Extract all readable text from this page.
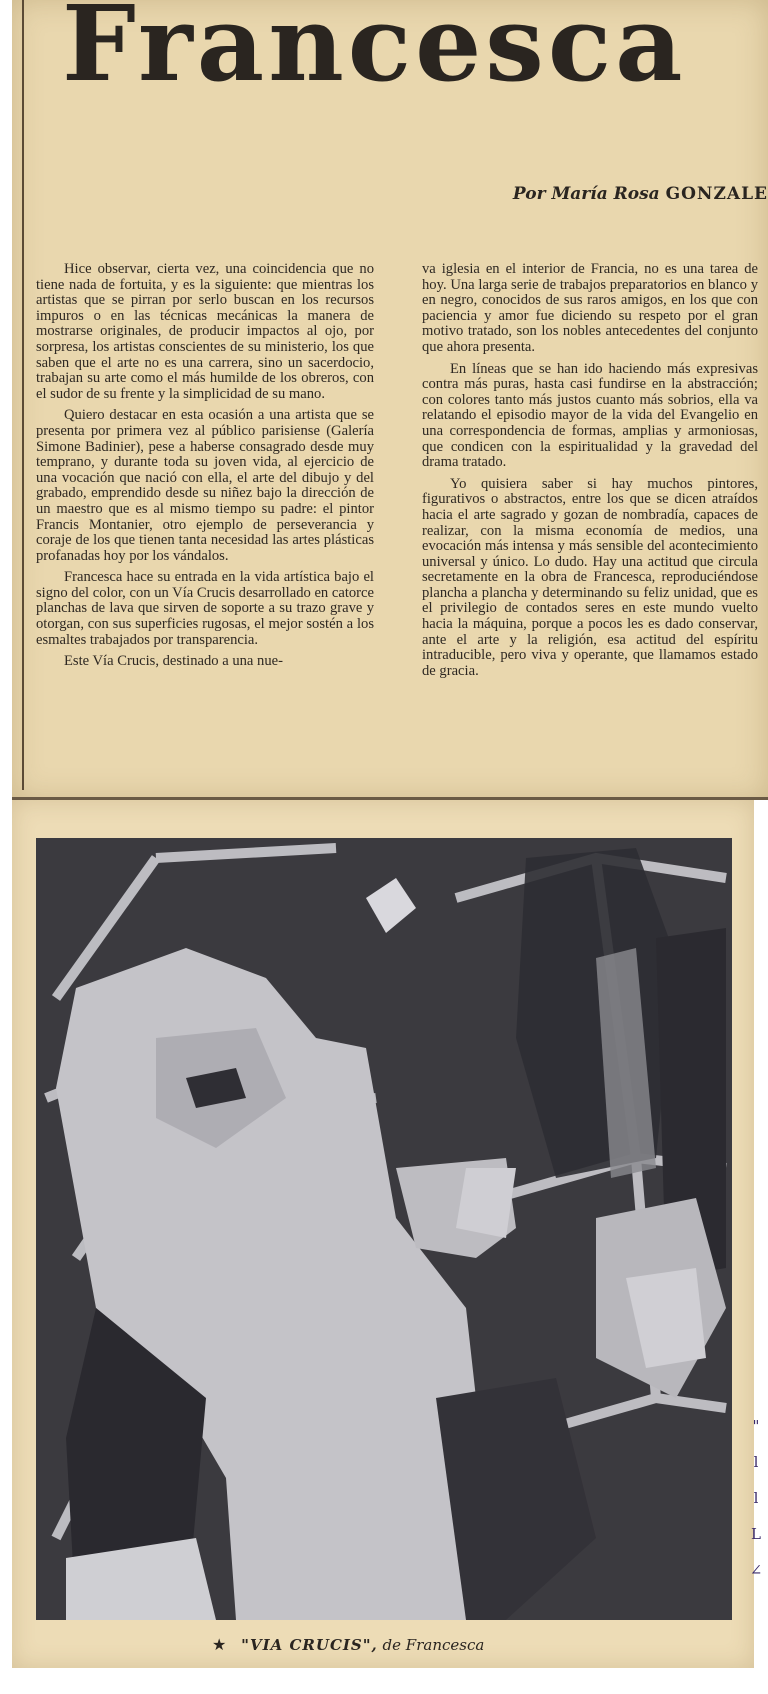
Francesca
Por María Rosa GONZALE

Hice observar, cierta vez, una coincidencia que no tiene nada de fortuita, y es la siguiente: que mientras los artistas que se pirran por serlo buscan en los recursos impuros o en las técnicas mecánicas la manera de mostrarse originales, de producir impactos al ojo, por sorpresa, los artistas conscientes de su ministerio, los que saben que el arte no es una carrera, sino un sacerdocio, trabajan su arte como el más humilde de los obreros, con el sudor de su frente y la simplicidad de su mano.

Quiero destacar en esta ocasión a una artista que se presenta por primera vez al público parisiense (Galería Simone Badinier), pese a haberse consagrado desde muy temprano, y durante toda su joven vida, al ejercicio de una vocación que nació con ella, el arte del dibujo y del grabado, emprendido desde su niñez bajo la dirección de un maestro que es al mismo tiempo su padre: el pintor Francis Montanier, otro ejemplo de perseverancia y coraje de los que tienen tanta necesidad las artes plásticas profanadas hoy por los vándalos.

Francesca hace su entrada en la vida artística bajo el signo del color, con un Vía Crucis desarrollado en catorce planchas de lava que sirven de soporte a su trazo grave y otorgan, con sus superficies rugosas, el mejor sostén a los esmaltes trabajados por transparencia.

Este Vía Crucis, destinado a una nue-

va iglesia en el interior de Francia, no es una tarea de hoy. Una larga serie de trabajos preparatorios en blanco y en negro, conocidos de sus raros amigos, en los que con paciencia y amor fue diciendo su respeto por el gran motivo tratado, son los nobles antecedentes del conjunto que ahora presenta.

En líneas que se han ido haciendo más expresivas contra más puras, hasta casi fundirse en la abstracción; con colores tanto más justos cuanto más sobrios, ella va relatando el episodio mayor de la vida del Evangelio en una correspondencia de formas, amplias y armoniosas, que condicen con la espiritualidad y la gravedad del drama tratado.

Yo quisiera saber si hay muchos pintores, figurativos o abstractos, entre los que se dicen atraídos hacia el arte sagrado y gozan de nombradía, capaces de realizar, con la misma economía de medios, una evocación más intensa y más sensible del acontecimiento universal y único. Lo dudo. Hay una actitud que circula secretamente en la obra de Francesca, reproduciéndose plancha a plancha y determinando su feliz unidad, que es el privilegio de contados seres en este mundo vuelto hacia la máquina, porque a pocos les es dado conservar, ante el arte y la religión, esa actitud del espíritu intraducible, pero viva y operante, que llamamos estado de gracia.

★ "VIA CRUCIS", de Francesca
"
l
l
L
∠
